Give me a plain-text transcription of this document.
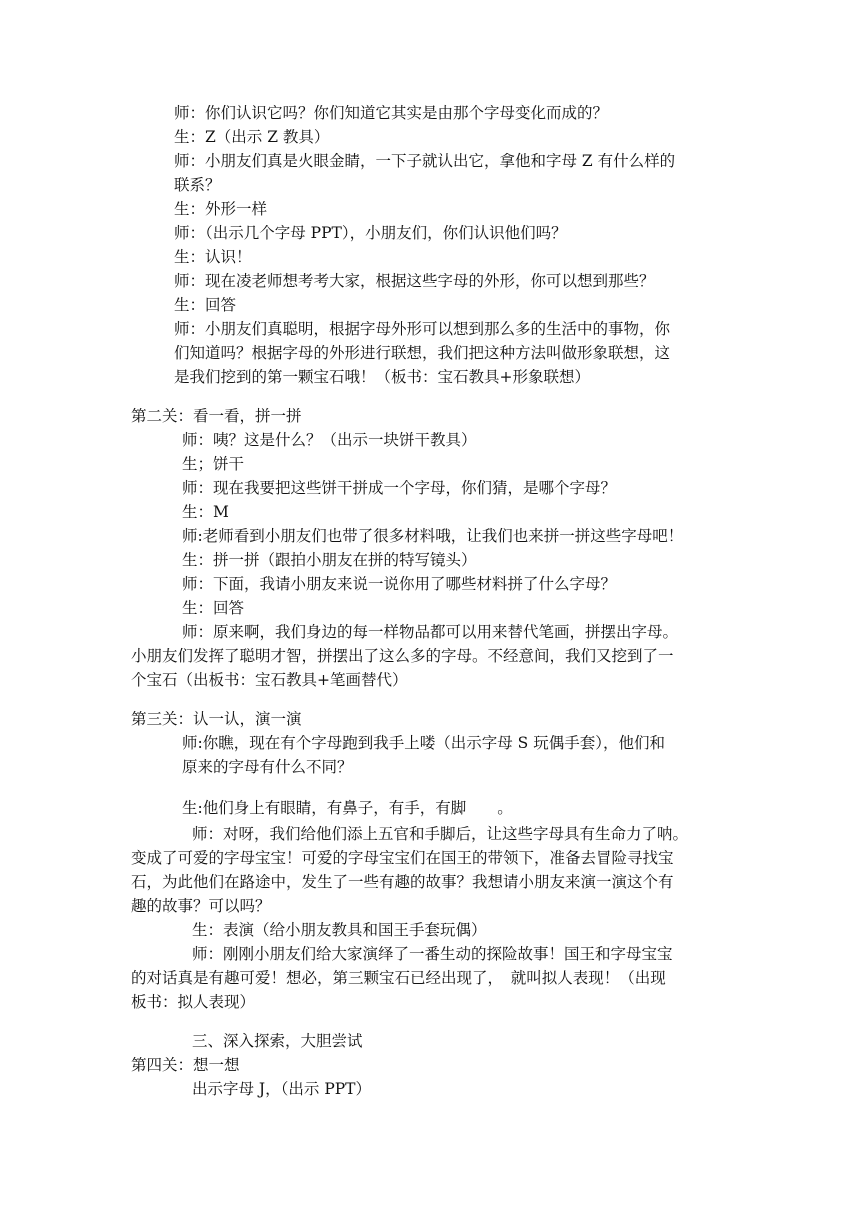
师：你们认识它吗？你们知道它其实是由那个字母变化而成的？
生：Z（出示 Z 教具）
师：小朋友们真是火眼金睛，一下子就认出它，拿他和字母 Z 有什么样的
联系？
生：外形一样
师：（出示几个字母 PPT），小朋友们，你们认识他们吗？
生：认识！
师：现在凌老师想考考大家，根据这些字母的外形，你可以想到那些？
生：回答
师：小朋友们真聪明，根据字母外形可以想到那么多的生活中的事物，你
们知道吗？根据字母的外形进行联想，我们把这种方法叫做形象联想，这
是我们挖到的第一颗宝石哦！（板书：宝石教具+形象联想）
第二关：看一看，拼一拼
师：咦？这是什么？（出示一块饼干教具）
生；饼干
师：现在我要把这些饼干拼成一个字母，你们猜，是哪个字母？
生：M
师:老师看到小朋友们也带了很多材料哦，让我们也来拼一拼这些字母吧！
生：拼一拼（跟拍小朋友在拼的特写镜头）
师：下面，我请小朋友来说一说你用了哪些材料拼了什么字母？
生：回答
师：原来啊，我们身边的每一样物品都可以用来替代笔画，拼摆出字母。
小朋友们发挥了聪明才智，拼摆出了这么多的字母。不经意间，我们又挖到了一
个宝石（出板书：宝石教具+笔画替代）
第三关：认一认，演一演
师:你瞧，现在有个字母跑到我手上喽（出示字母 S 玩偶手套），他们和
原来的字母有什么不同？
生:他们身上有眼睛，有鼻子，有手，有脚　　。
师：对呀，我们给他们添上五官和手脚后，让这些字母具有生命力了呐。
变成了可爱的字母宝宝！可爱的字母宝宝们在国王的带领下，准备去冒险寻找宝
石，为此他们在路途中，发生了一些有趣的故事？我想请小朋友来演一演这个有
趣的故事？可以吗？
生：表演（给小朋友教具和国王手套玩偶）
师：刚刚小朋友们给大家演绎了一番生动的探险故事！国王和字母宝宝
的对话真是有趣可爱！想必，第三颗宝石已经出现了，　就叫拟人表现！（出现
板书：拟人表现）
三、深入探索，大胆尝试
第四关：想一想
出示字母 J，（出示 PPT）
